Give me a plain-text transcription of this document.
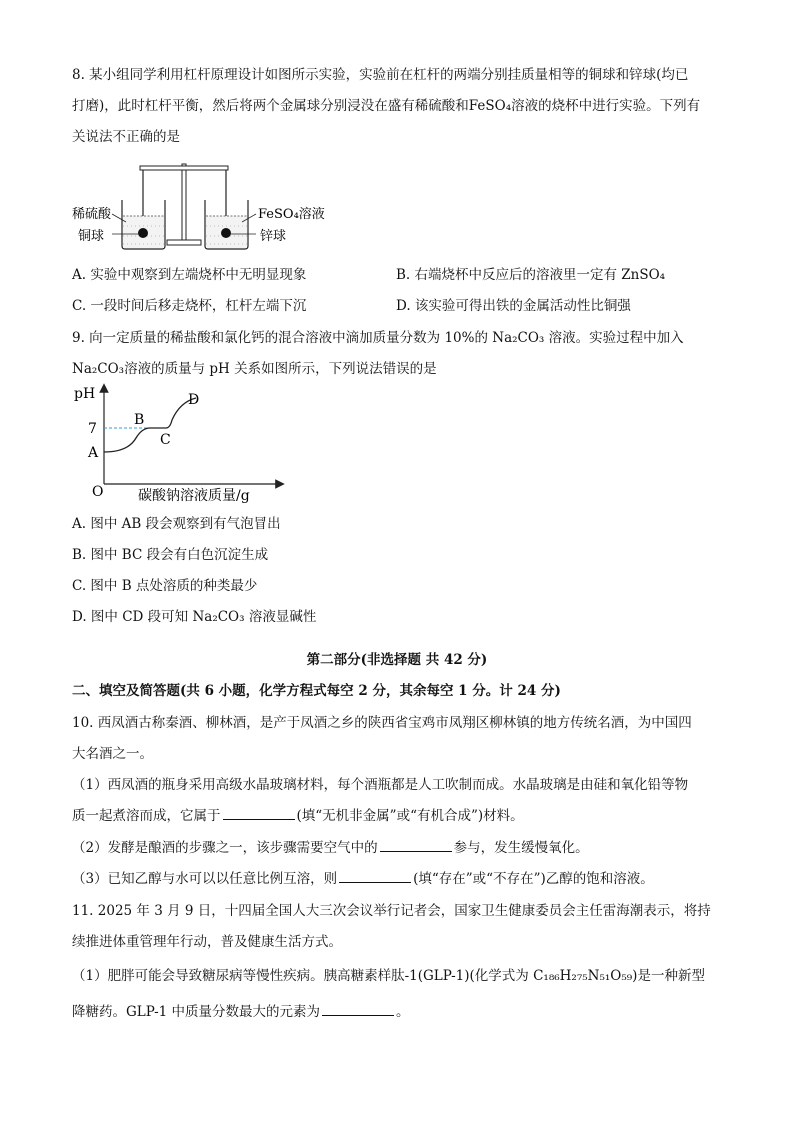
8. 某小组同学利用杠杆原理设计如图所示实验，实验前在杠杆的两端分别挂质量相等的铜球和锌球(均已
打磨)，此时杠杆平衡，然后将两个金属球分别浸没在盛有稀硫酸和FeSO₄溶液的烧杯中进行实验。下列有
关说法不正确的是
稀硫酸
铜球
FeSO₄溶液
锌球
A. 实验中观察到左端烧杯中无明显现象	B. 右端烧杯中反应后的溶液里一定有 ZnSO₄
C. 一段时间后移走烧杯，杠杆左端下沉	D. 该实验可得出铁的金属活动性比铜强
9. 向一定质量的稀盐酸和氯化钙的混合溶液中滴加质量分数为 10%的 Na₂CO₃ 溶液。实验过程中加入
Na₂CO₃溶液的质量与 pH 关系如图所示，下列说法错误的是
pH
7
A
B
C
D
O 碳酸钠溶液质量/g
A. 图中 AB 段会观察到有气泡冒出
B. 图中 BC 段会有白色沉淀生成
C. 图中 B 点处溶质的种类最少
D. 图中 CD 段可知 Na₂CO₃ 溶液显碱性
第二部分(非选择题 共 42 分)
二、填空及简答题(共 6 小题，化学方程式每空 2 分，其余每空 1 分。计 24 分)
10. 西凤酒古称秦酒、柳林酒，是产于凤酒之乡的陕西省宝鸡市凤翔区柳林镇的地方传统名酒，为中国四
大名酒之一。
（1）西凤酒的瓶身采用高级水晶玻璃材料，每个酒瓶都是人工吹制而成。水晶玻璃是由硅和氧化铅等物
质一起煮溶而成，它属于	(填“无机非金属”或“有机合成”)材料。
（2）发酵是酿酒的步骤之一，该步骤需要空气中的	参与，发生缓慢氧化。
（3）已知乙醇与水可以以任意比例互溶，则	(填“存在”或“不存在”)乙醇的饱和溶液。
11. 2025 年 3 月 9 日，十四届全国人大三次会议举行记者会，国家卫生健康委员会主任雷海潮表示，将持
续推进体重管理年行动，普及健康生活方式。
（1）肥胖可能会导致糖尿病等慢性疾病。胰高糖素样肽-1(GLP-1)(化学式为 C₁₈₆H₂₇₅N₅₁O₅₉)是一种新型
降糖药。GLP-1 中质量分数最大的元素为	。
